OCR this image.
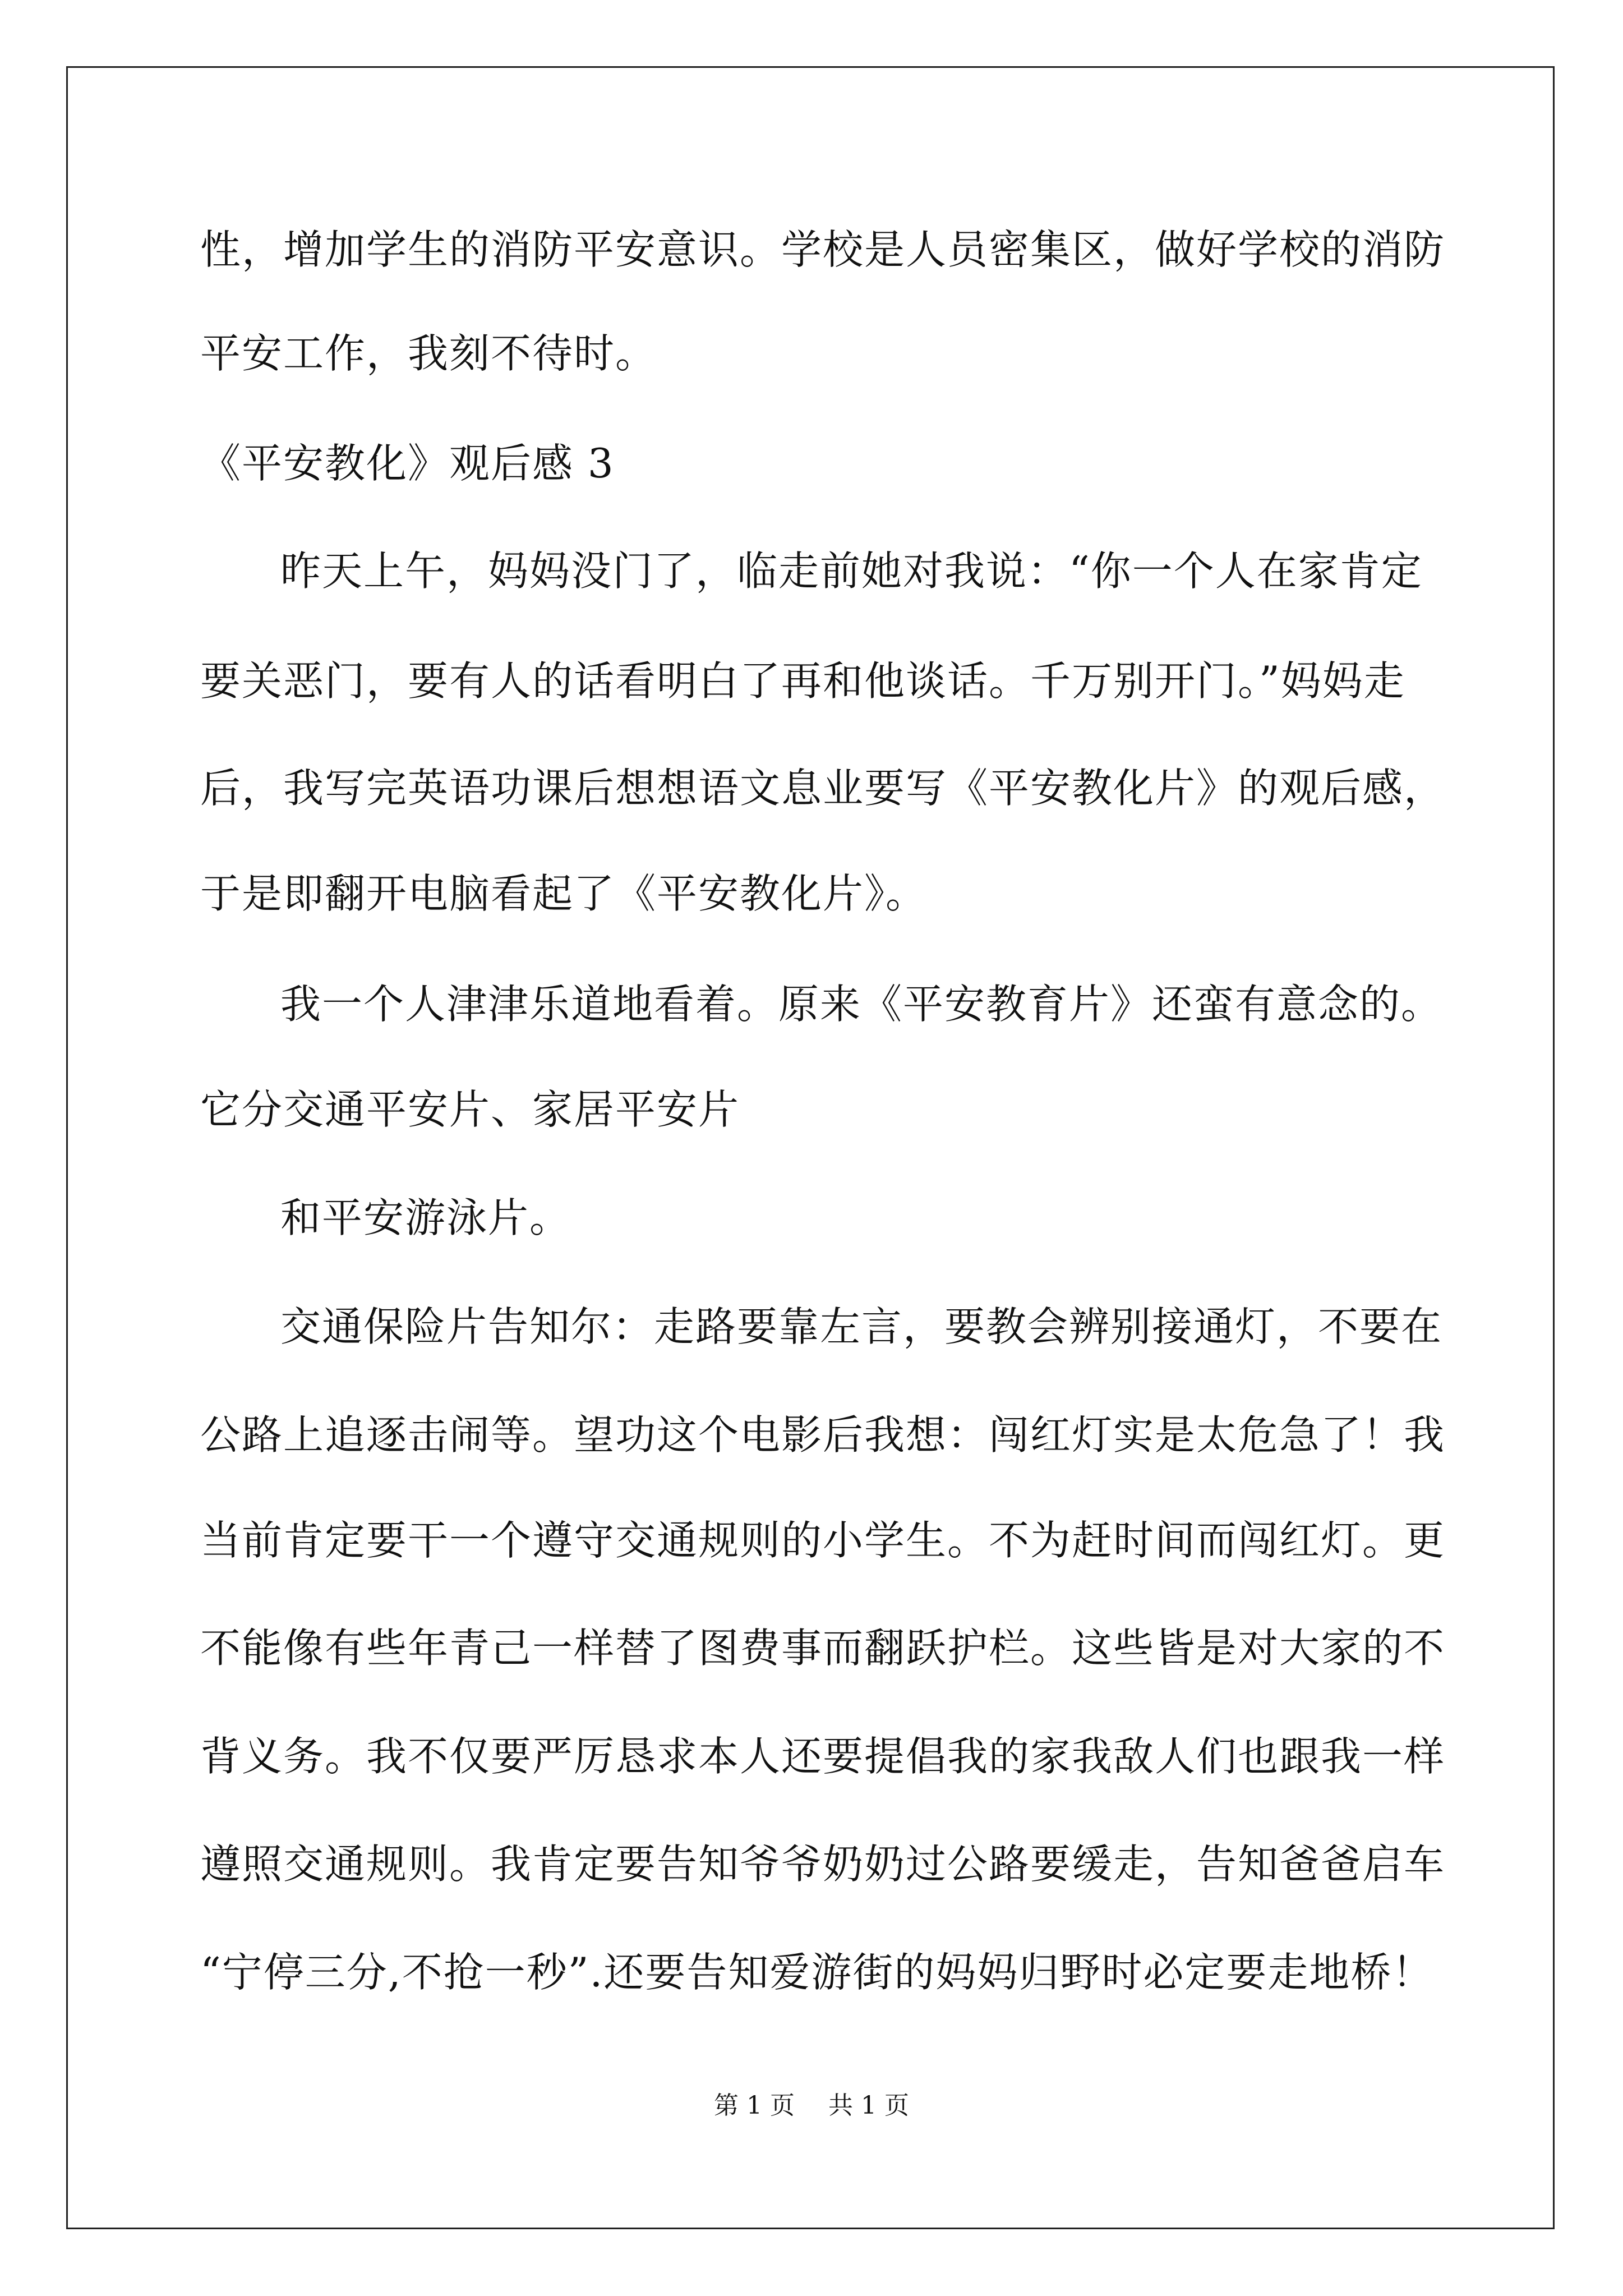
性，增加学生的消防平安意识。学校是人员密集区，做好学校的消防
平安工作，我刻不待时。
《平安教化》观后感 3
昨天上午，妈妈没门了，临走前她对我说：“你一个人在家肯定
要关恶门，要有人的话看明白了再和他谈话。千万别开门。”妈妈走
后，我写完英语功课后想想语文息业要写《平安教化片》的观后感，
于是即翻开电脑看起了《平安教化片》。
我一个人津津乐道地看着。原来《平安教育片》还蛮有意念的。
它分交通平安片、家居平安片
和平安游泳片。
交通保险片告知尔：走路要靠左言，要教会辨别接通灯，不要在
公路上追逐击闹等。望功这个电影后我想：闯红灯实是太危急了！我
当前肯定要干一个遵守交通规则的小学生。不为赶时间而闯红灯。更
不能像有些年青己一样替了图费事而翻跃护栏。这些皆是对大家的不
背义务。我不仅要严厉恳求本人还要提倡我的家我敌人们也跟我一样
遵照交通规则。我肯定要告知爷爷奶奶过公路要缓走，告知爸爸启车
“宁停三分,不抢一秒”.还要告知爱游街的妈妈归野时必定要走地桥！
第 1 页 共 1 页
